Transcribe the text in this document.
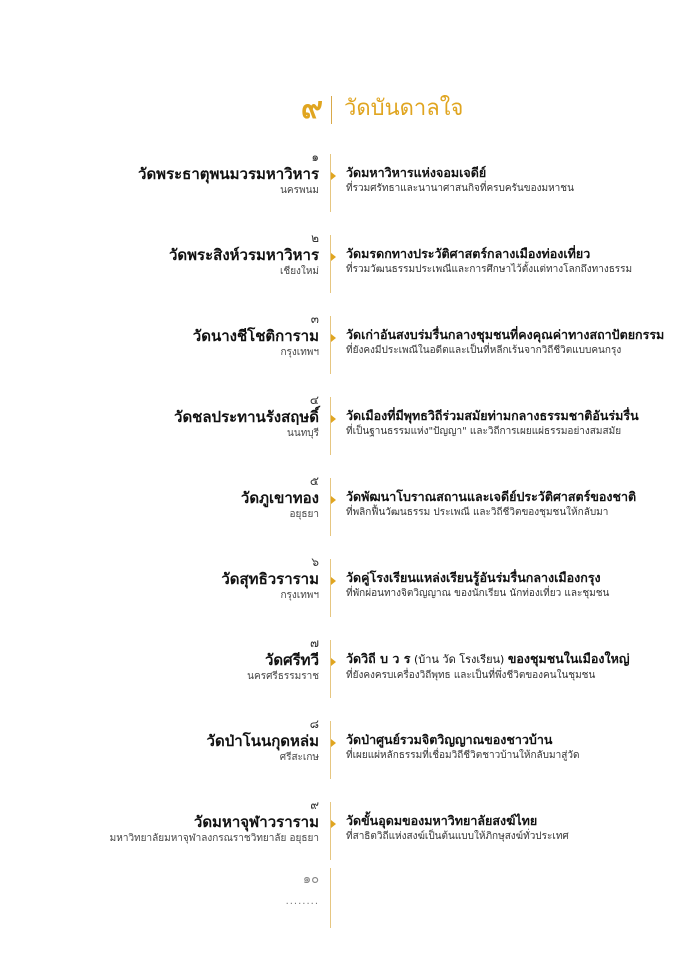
๙ วัดบันดาลใจ
๑
วัดพระธาตุพนมวรมหาวิหาร
นครพนม
วัดมหาวิหารแห่งจอมเจดีย์
ที่รวมศรัทธาและนานาศาสนกิจที่ครบครันของมหาชน
๒
วัดพระสิงห์วรมหาวิหาร
เชียงใหม่
วัดมรดกทางประวัติศาสตร์กลางเมืองท่องเที่ยว
ที่รวมวัฒนธรรมประเพณีและการศึกษาไว้ตั้งแต่ทางโลกถึงทางธรรม
๓
วัดนางชีโชติการาม
กรุงเทพฯ
วัดเก่าอันสงบร่มรื่นกลางชุมชนที่คงคุณค่าทางสถาปัตยกรรม
ที่ยังคงมีประเพณีในอดีตและเป็นที่หลีกเร้นจากวิถีชีวิตแบบคนกรุง
๔
วัดชลประทานรังสฤษดิ์
นนทบุรี
วัดเมืองที่มีพุทธวิถีร่วมสมัยท่ามกลางธรรมชาติอันร่มรื่น
ที่เป็นฐานธรรมแห่ง"ปัญญา" และวิถีการเผยแผ่ธรรมอย่างสมสมัย
๕
วัดภูเขาทอง
อยุธยา
วัดพัฒนาโบราณสถานและเจดีย์ประวัติศาสตร์ของชาติ
ที่พลิกฟื้นวัฒนธรรม ประเพณี และวิถีชีวิตของชุมชนให้กลับมา
๖
วัดสุทธิวราราม
กรุงเทพฯ
วัดคู่โรงเรียนแหล่งเรียนรู้อันร่มรื่นกลางเมืองกรุง
ที่พักผ่อนทางจิตวิญญาณ ของนักเรียน นักท่องเที่ยว และชุมชน
๗
วัดศรีทวี
นครศรีธรรมราช
วัดวิถี บ ว ร (บ้าน วัด โรงเรียน) ของชุมชนในเมืองใหญ่
ที่ยังคงครบเครื่องวิถีพุทธ และเป็นที่พึ่งชีวิตของคนในชุมชน
๘
วัดป่าโนนกุดหล่ม
ศรีสะเกษ
วัดป่าศูนย์รวมจิตวิญญาณของชาวบ้าน
ที่เผยแผ่หลักธรรมที่เชื่อมวิถีชีวิตชาวบ้านให้กลับมาสู่วัด
๙
วัดมหาจุฬาวราราม
มหาวิทยาลัยมหาจุฬาลงกรณราชวิทยาลัย อยุธยา
วัดขั้นอุดมของมหาวิทยาลัยสงฆ์ไทย
ที่สาธิตวิถีแห่งสงฆ์เป็นต้นแบบให้ภิกษุสงฆ์ทั่วประเทศ
๑๐
........
